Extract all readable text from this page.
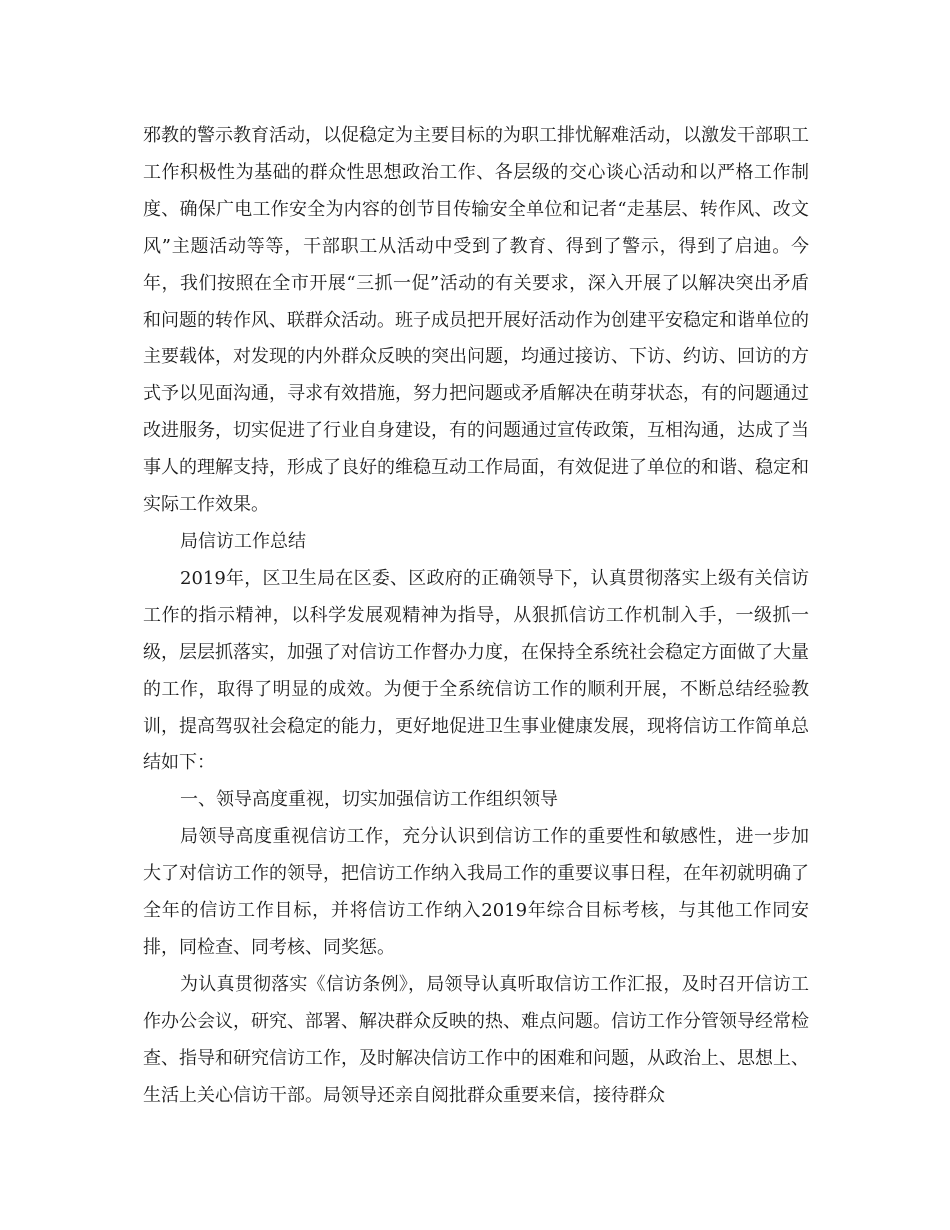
邪教的警示教育活动，以促稳定为主要目标的为职工排忧解难活动，以激发干部职工工作积极性为基础的群众性思想政治工作、各层级的交心谈心活动和以严格工作制度、确保广电工作安全为内容的创节目传输安全单位和记者“走基层、转作风、改文风”主题活动等等，干部职工从活动中受到了教育、得到了警示，得到了启迪。今年，我们按照在全市开展“三抓一促”活动的有关要求，深入开展了以解决突出矛盾和问题的转作风、联群众活动。班子成员把开展好活动作为创建平安稳定和谐单位的主要载体，对发现的内外群众反映的突出问题，均通过接访、下访、约访、回访的方式予以见面沟通，寻求有效措施，努力把问题或矛盾解决在萌芽状态，有的问题通过改进服务，切实促进了行业自身建设，有的问题通过宣传政策，互相沟通，达成了当事人的理解支持，形成了良好的维稳互动工作局面，有效促进了单位的和谐、稳定和实际工作效果。

局信访工作总结

2019年，区卫生局在区委、区政府的正确领导下，认真贯彻落实上级有关信访工作的指示精神，以科学发展观精神为指导，从狠抓信访工作机制入手，一级抓一级，层层抓落实，加强了对信访工作督办力度，在保持全系统社会稳定方面做了大量的工作，取得了明显的成效。为便于全系统信访工作的顺利开展，不断总结经验教训，提高驾驭社会稳定的能力，更好地促进卫生事业健康发展，现将信访工作简单总结如下：

一、领导高度重视，切实加强信访工作组织领导

局领导高度重视信访工作，充分认识到信访工作的重要性和敏感性，进一步加大了对信访工作的领导，把信访工作纳入我局工作的重要议事日程，在年初就明确了全年的信访工作目标，并将信访工作纳入2019年综合目标考核，与其他工作同安排，同检查、同考核、同奖惩。

为认真贯彻落实《信访条例》，局领导认真听取信访工作汇报，及时召开信访工作办公会议，研究、部署、解决群众反映的热、难点问题。信访工作分管领导经常检查、指导和研究信访工作，及时解决信访工作中的困难和问题，从政治上、思想上、生活上关心信访干部。局领导还亲自阅批群众重要来信，接待群众
